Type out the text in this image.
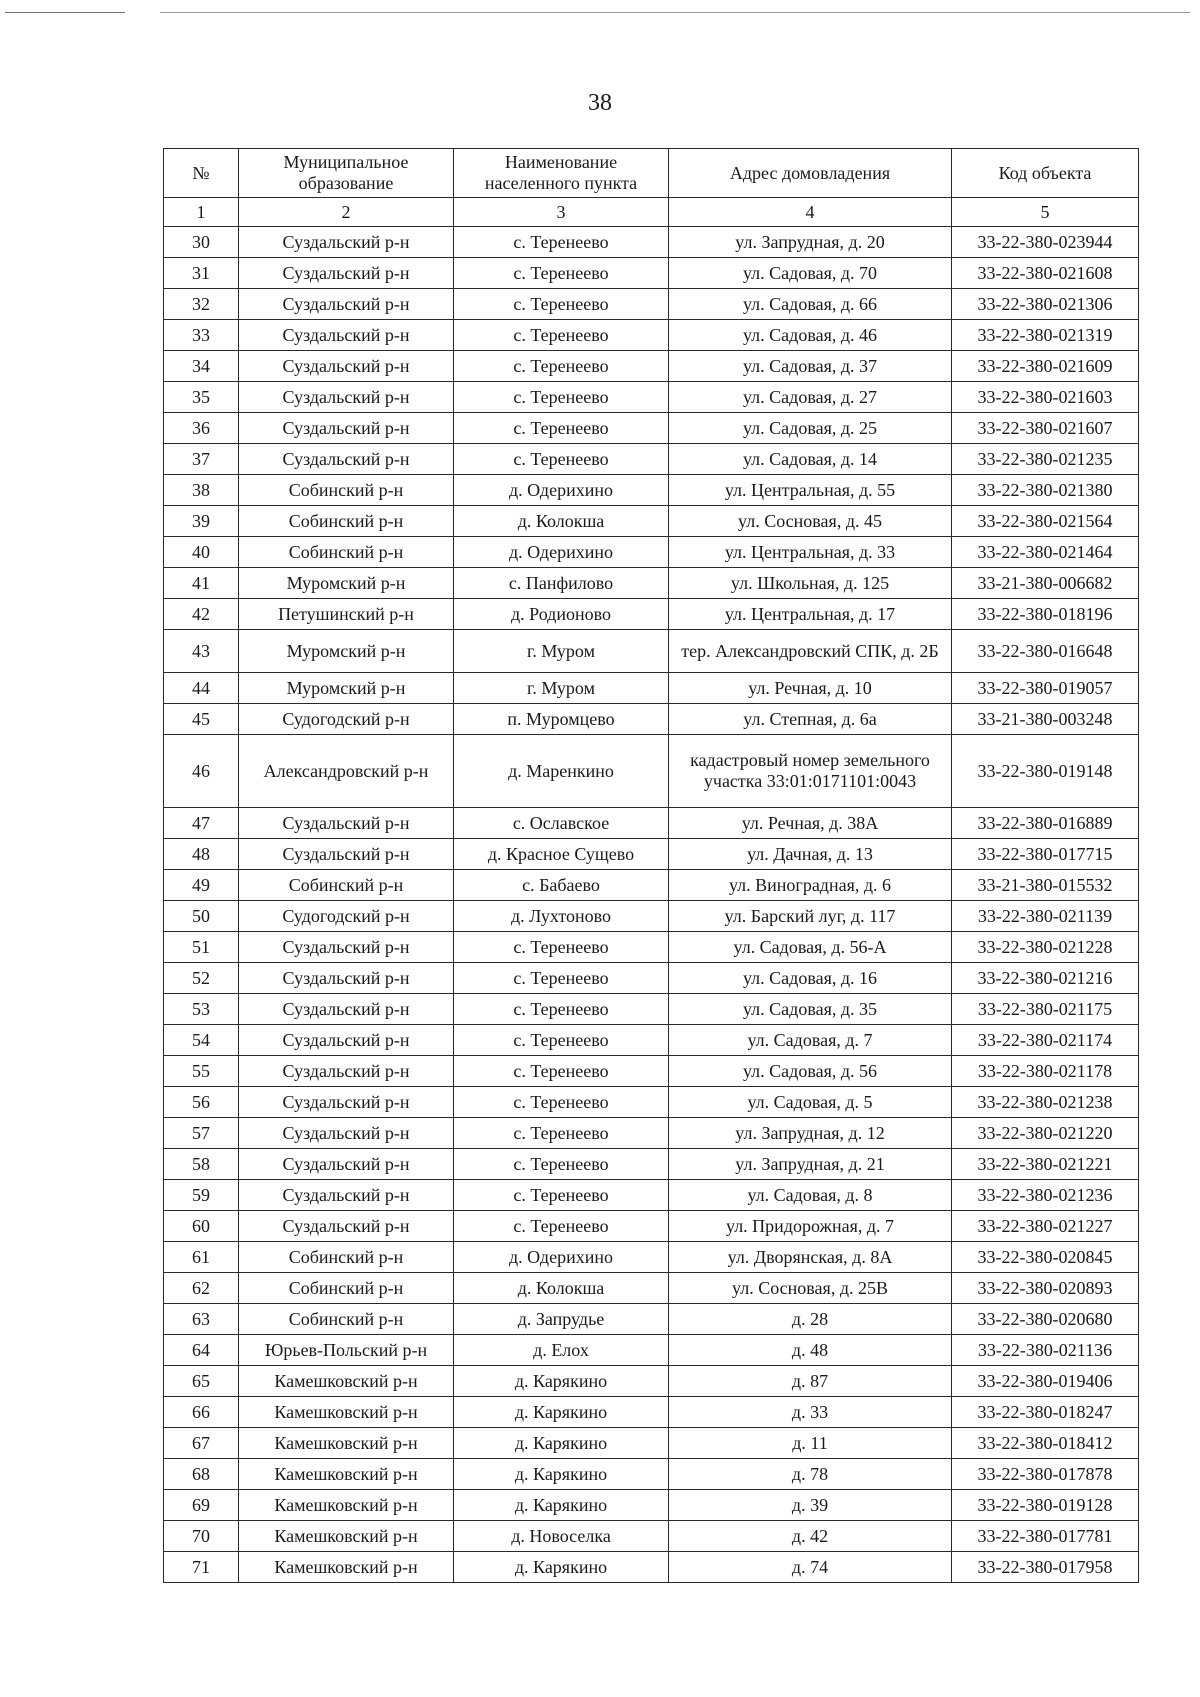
38
№	Муниципальное образование	Наименование населенного пункта	Адрес домовладения	Код объекта
1	2	3	4	5
30	Суздальский р-н	с. Теренеево	ул. Запрудная, д. 20	33-22-380-023944
31	Суздальский р-н	с. Теренеево	ул. Садовая, д. 70	33-22-380-021608
32	Суздальский р-н	с. Теренеево	ул. Садовая, д. 66	33-22-380-021306
33	Суздальский р-н	с. Теренеево	ул. Садовая, д. 46	33-22-380-021319
34	Суздальский р-н	с. Теренеево	ул. Садовая, д. 37	33-22-380-021609
35	Суздальский р-н	с. Теренеево	ул. Садовая, д. 27	33-22-380-021603
36	Суздальский р-н	с. Теренеево	ул. Садовая, д. 25	33-22-380-021607
37	Суздальский р-н	с. Теренеево	ул. Садовая, д. 14	33-22-380-021235
38	Собинский р-н	д. Одерихино	ул. Центральная, д. 55	33-22-380-021380
39	Собинский р-н	д. Колокша	ул. Сосновая, д. 45	33-22-380-021564
40	Собинский р-н	д. Одерихино	ул. Центральная, д. 33	33-22-380-021464
41	Муромский р-н	с. Панфилово	ул. Школьная, д. 125	33-21-380-006682
42	Петушинский р-н	д. Родионово	ул. Центральная, д. 17	33-22-380-018196
43	Муромский р-н	г. Муром	тер. Александровский СПК, д. 2Б	33-22-380-016648
44	Муромский р-н	г. Муром	ул. Речная, д. 10	33-22-380-019057
45	Судогодский р-н	п. Муромцево	ул. Степная, д. 6а	33-21-380-003248
46	Александровский р-н	д. Маренкино	кадастровый номер земельного участка 33:01:0171101:0043	33-22-380-019148
47	Суздальский р-н	с. Ославское	ул. Речная, д. 38А	33-22-380-016889
48	Суздальский р-н	д. Красное Сущево	ул. Дачная, д. 13	33-22-380-017715
49	Собинский р-н	с. Бабаево	ул. Виноградная, д. 6	33-21-380-015532
50	Судогодский р-н	д. Лухтоново	ул. Барский луг, д. 117	33-22-380-021139
51	Суздальский р-н	с. Теренеево	ул. Садовая, д. 56-А	33-22-380-021228
52	Суздальский р-н	с. Теренеево	ул. Садовая, д. 16	33-22-380-021216
53	Суздальский р-н	с. Теренеево	ул. Садовая, д. 35	33-22-380-021175
54	Суздальский р-н	с. Теренеево	ул. Садовая, д. 7	33-22-380-021174
55	Суздальский р-н	с. Теренеево	ул. Садовая, д. 56	33-22-380-021178
56	Суздальский р-н	с. Теренеево	ул. Садовая, д. 5	33-22-380-021238
57	Суздальский р-н	с. Теренеево	ул. Запрудная, д. 12	33-22-380-021220
58	Суздальский р-н	с. Теренеево	ул. Запрудная, д. 21	33-22-380-021221
59	Суздальский р-н	с. Теренеево	ул. Садовая, д. 8	33-22-380-021236
60	Суздальский р-н	с. Теренеево	ул. Придорожная, д. 7	33-22-380-021227
61	Собинский р-н	д. Одерихино	ул. Дворянская, д. 8А	33-22-380-020845
62	Собинский р-н	д. Колокша	ул. Сосновая, д. 25В	33-22-380-020893
63	Собинский р-н	д. Запрудье	д. 28	33-22-380-020680
64	Юрьев-Польский р-н	д. Елох	д. 48	33-22-380-021136
65	Камешковский р-н	д. Карякино	д. 87	33-22-380-019406
66	Камешковский р-н	д. Карякино	д. 33	33-22-380-018247
67	Камешковский р-н	д. Карякино	д. 11	33-22-380-018412
68	Камешковский р-н	д. Карякино	д. 78	33-22-380-017878
69	Камешковский р-н	д. Карякино	д. 39	33-22-380-019128
70	Камешковский р-н	д. Новоселка	д. 42	33-22-380-017781
71	Камешковский р-н	д. Карякино	д. 74	33-22-380-017958
